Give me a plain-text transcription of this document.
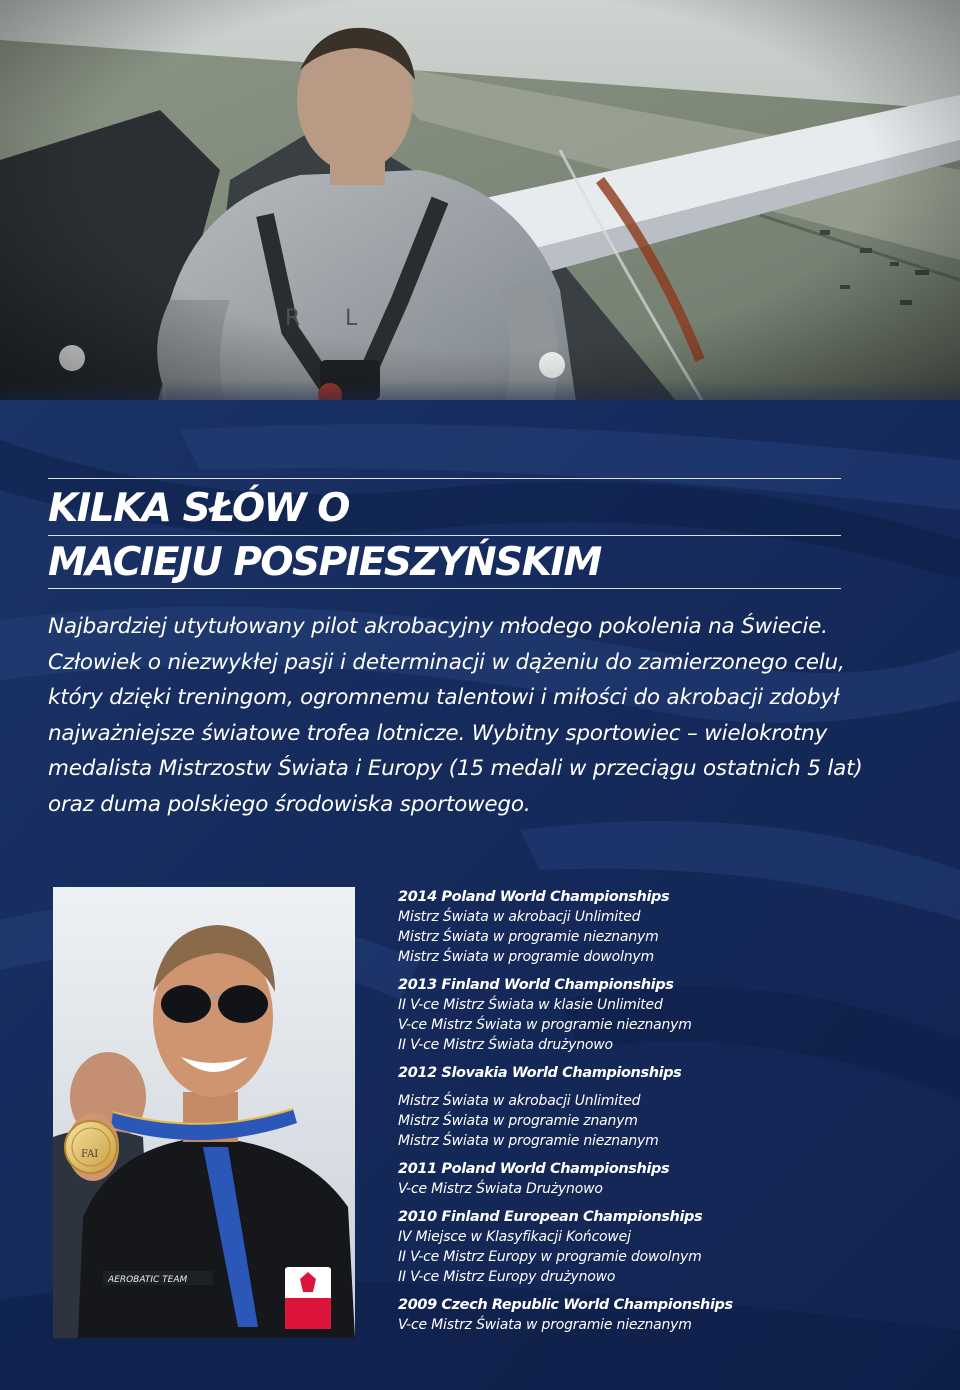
KILKA SŁÓW O
MACIEJU POSPIESZYŃSKIM

Najbardziej utytułowany pilot akrobacyjny młodego pokolenia na Świecie. Człowiek o niezwykłej pasji i determinacji w dążeniu do zamierzonego celu, który dzięki treningom, ogromnemu talentowi i miłości do akrobacji zdobył najważniejsze światowe trofea lotnicze. Wybitny sportowiec – wielokrotny medalista Mistrzostw Świata i Europy (15 medali w przeciągu ostatnich 5 lat) oraz duma polskiego środowiska sportowego.

AEROBATIC TEAM
FAI
2014 Poland World Championships
Mistrz Świata w akrobacji Unlimited
Mistrz Świata w programie nieznanym
Mistrz Świata w programie dowolnym
2013 Finland World Championships
II V-ce Mistrz Świata w klasie Unlimited
V-ce Mistrz Świata w programie nieznanym
II V-ce Mistrz Świata drużynowo
2012 Slovakia World Championships
Mistrz Świata w akrobacji Unlimited
Mistrz Świata w programie znanym
Mistrz Świata w programie nieznanym
2011 Poland World Championships
V-ce Mistrz Świata Drużynowo
2010 Finland European Championships
IV Miejsce w Klasyfikacji Końcowej
II V-ce Mistrz Europy w programie dowolnym
II V-ce Mistrz Europy drużynowo
2009 Czech Republic World Championships
V-ce Mistrz Świata w programie nieznanym
